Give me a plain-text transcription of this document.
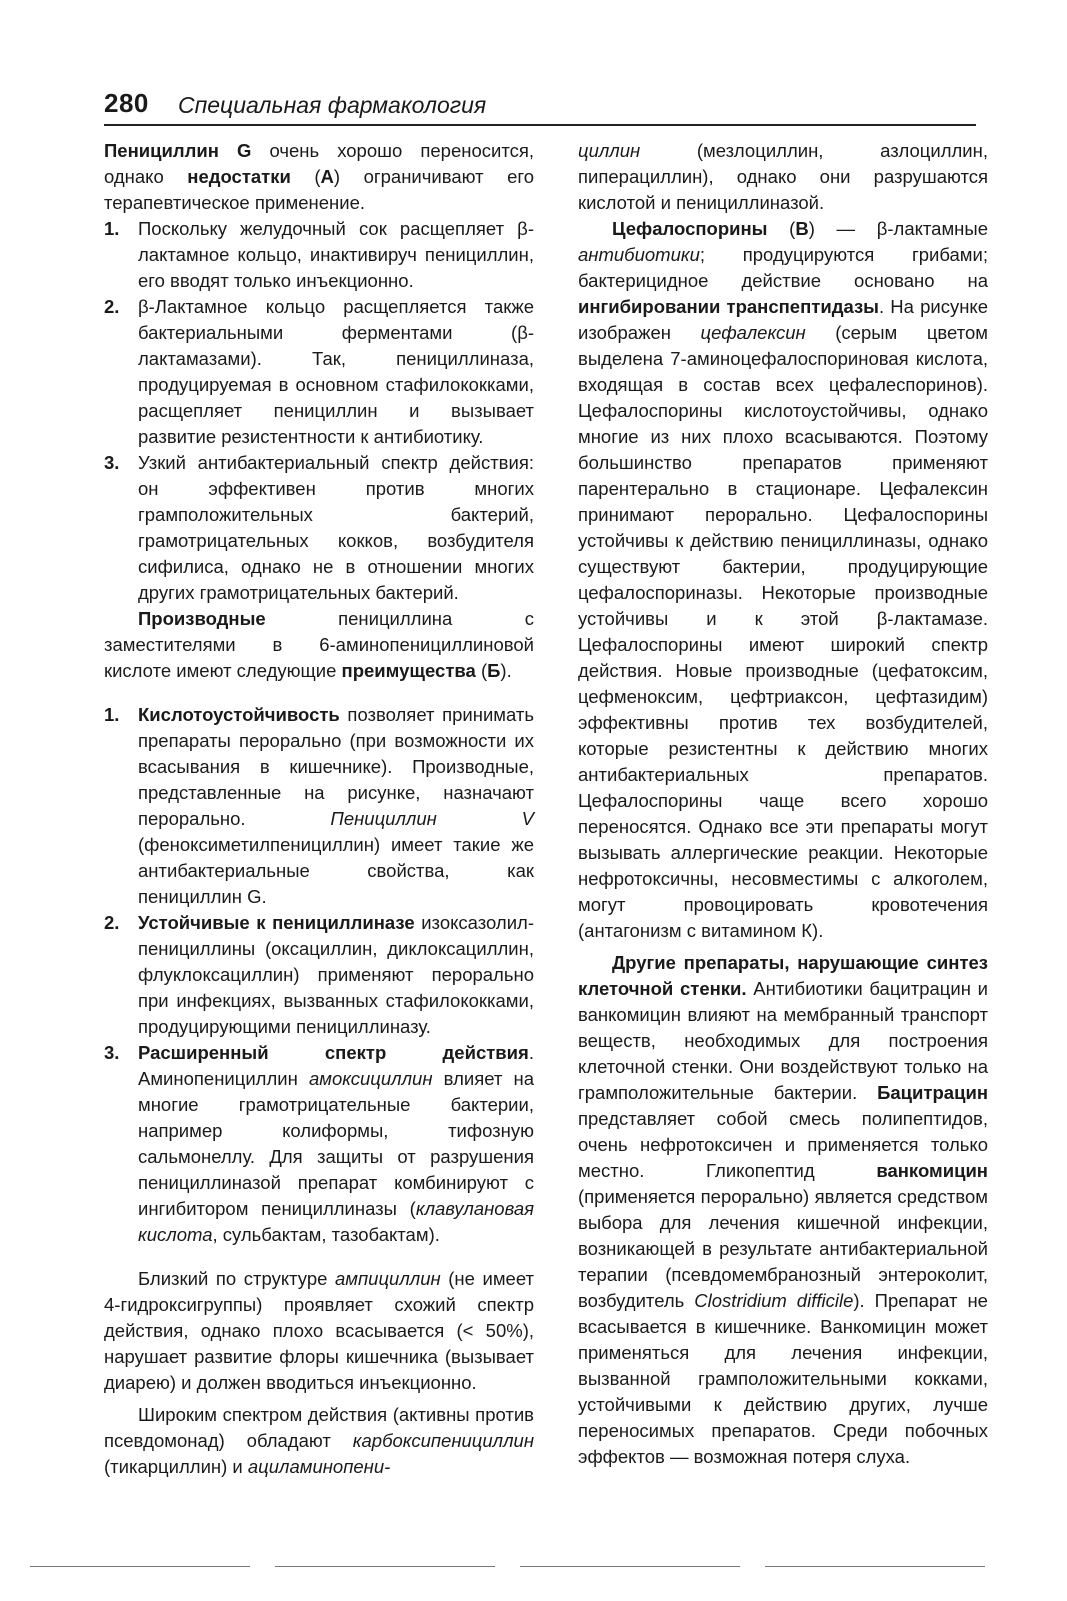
280 Специальная фармакология

Пенициллин G очень хорошо переносится, однако недостатки (А) ограничивают его терапевтическое применение.

1. Поскольку желудочный сок расщепляет β-лактамное кольцо, инактивируч пенициллин, его вводят только инъекционно.
2. β-Лактамное кольцо расщепляется также бактериальными ферментами (β-лактамазами). Так, пенициллиназа, продуцируемая в основном стафилококками, расщепляет пенициллин и вызывает развитие резистентности к антибиотику.
3. Узкий антибактериальный спектр действия: он эффективен против многих грамположительных бактерий, грамотрицательных кокков, возбудителя сифилиса, однако не в отношении многих других грамотрицательных бактерий.

Производные пенициллина с заместителями в 6-аминопенициллиновой кислоте имеют следующие преимущества (Б).

1. Кислотоустойчивость позволяет принимать препараты перорально (при возможности их всасывания в кишечнике). Производные, представленные на рисунке, назначают перорально. Пенициллин V (феноксиметилпенициллин) имеет такие же антибактериальные свойства, как пенициллин G.
2. Устойчивые к пенициллиназе изоксазолил-пенициллины (оксациллин, диклоксациллин, флуклоксациллин) применяют перорально при инфекциях, вызванных стафилококками, продуцирующими пенициллиназу.
3. Расширенный спектр действия. Аминопенициллин амоксициллин влияет на многие грамотрицательные бактерии, например колиформы, тифозную сальмонеллу. Для защиты от разрушения пенициллиназой препарат комбинируют с ингибитором пенициллиназы (клавулановая кислота, сульбактам, тазобактам).

Близкий по структуре ампициллин (не имеет 4-гидроксигруппы) проявляет схожий спектр действия, однако плохо всасывается (< 50%), нарушает развитие флоры кишечника (вызывает диарею) и должен вводиться инъекционно.

Широким спектром действия (активны против псевдомонад) обладают карбоксипенициллин (тикарциллин) и ациламинопени-

циллин (мезлоциллин, азлоциллин, пиперациллин), однако они разрушаются кислотой и пенициллиназой.

Цефалоспорины (В) — β-лактамные антибиотики; продуцируются грибами; бактерицидное действие основано на ингибировании транспептидазы. На рисунке изображен цефалексин (серым цветом выделена 7-аминоцефалоспориновая кислота, входящая в состав всех цефалеспоринов). Цефалоспорины кислотоустойчивы, однако многие из них плохо всасываются. Поэтому большинство препаратов применяют парентерально в стационаре. Цефалексин принимают перорально. Цефалоспорины устойчивы к действию пенициллиназы, однако существуют бактерии, продуцирующие цефалоспориназы. Некоторые производные устойчивы и к этой β-лактамазе. Цефалоспорины имеют широкий спектр действия. Новые производные (цефатоксим, цефменоксим, цефтриаксон, цефтазидим) эффективны против тех возбудителей, которые резистентны к действию многих антибактериальных препаратов. Цефалоспорины чаще всего хорошо переносятся. Однако все эти препараты могут вызывать аллергические реакции. Некоторые нефротоксичны, несовместимы с алкоголем, могут провоцировать кровотечения (антагонизм с витамином К).

Другие препараты, нарушающие синтез клеточной стенки. Антибиотики бацитрацин и ванкомицин влияют на мембранный транспорт веществ, необходимых для построения клеточной стенки. Они воздействуют только на грамположительные бактерии. Бацитрацин представляет собой смесь полипептидов, очень нефротоксичен и применяется только местно. Гликопептид ванкомицин (применяется перорально) является средством выбора для лечения кишечной инфекции, возникающей в результате антибактериальной терапии (псевдомембранозный энтероколит, возбудитель Clostridium difficile). Препарат не всасывается в кишечнике. Ванкомицин может применяться для лечения инфекции, вызванной грамположительными кокками, устойчивыми к действию других, лучше переносимых препаратов. Среди побочных эффектов — возможная потеря слуха.
